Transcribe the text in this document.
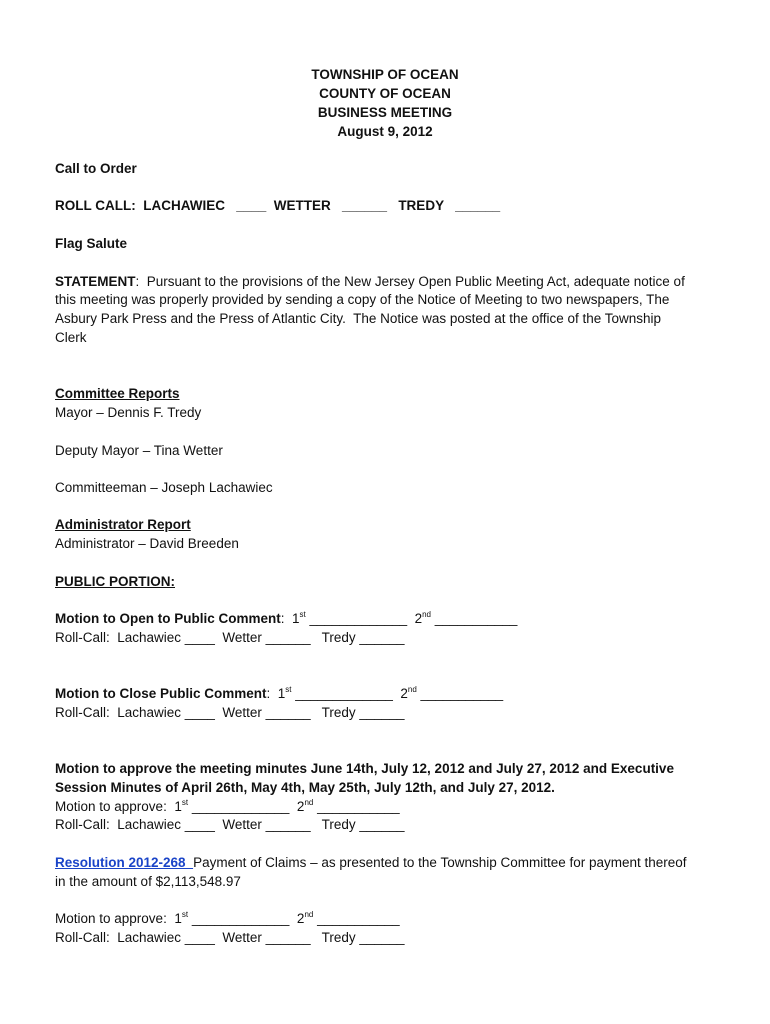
TOWNSHIP OF OCEAN
COUNTY OF OCEAN
BUSINESS MEETING
August 9, 2012
Call to Order
ROLL CALL:  LACHAWIEC   ____  WETTER   ______   TREDY   ______
Flag Salute
STATEMENT:  Pursuant to the provisions of the New Jersey Open Public Meeting Act, adequate notice of
this meeting was properly provided by sending a copy of the Notice of Meeting to two newspapers, The
Asbury Park Press and the Press of Atlantic City.  The Notice was posted at the office of the Township
Clerk
Committee Reports
Mayor – Dennis F. Tredy
Deputy Mayor – Tina Wetter
Committeeman – Joseph Lachawiec
Administrator Report
Administrator – David Breeden
PUBLIC PORTION:
Motion to Open to Public Comment:  1st _____________  2nd ___________
Roll-Call:  Lachawiec ____  Wetter ______   Tredy ______
Motion to Close Public Comment:  1st _____________  2nd ___________
Roll-Call:  Lachawiec ____  Wetter ______   Tredy ______
Motion to approve the meeting minutes June 14th, July 12, 2012 and July 27, 2012 and Executive
Session Minutes of April 26th, May 4th, May 25th, July 12th, and July 27, 2012.
Motion to approve:  1st _____________  2nd ___________
Roll-Call:  Lachawiec ____  Wetter ______   Tredy ______
Resolution 2012-268  Payment of Claims – as presented to the Township Committee for payment thereof
in the amount of $2,113,548.97
Motion to approve:  1st _____________  2nd ___________
Roll-Call:  Lachawiec ____  Wetter ______   Tredy ______
